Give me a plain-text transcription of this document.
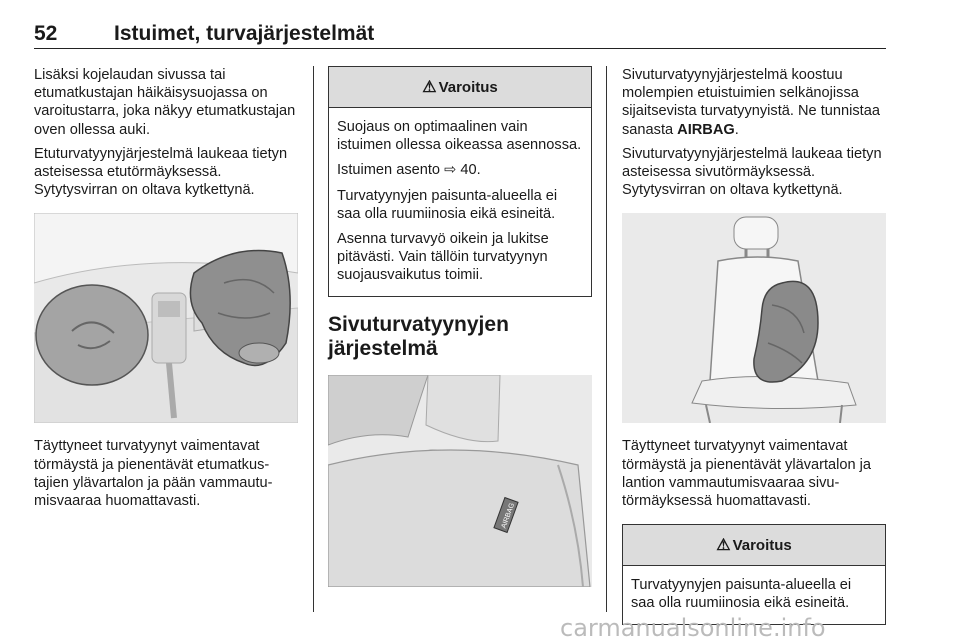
52	Istuimet, turvajärjestelmät

Lisäksi kojelaudan sivussa tai etumatkustajan häikäisysuojassa on varoitustarra, joka näkyy etumatkustajan oven ollessa auki.

Etuturvatyynyjärjestelmä laukeaa tietyn asteisessa etutörmäyksessä. Sytytysvirran on oltava kytkettynä.

Täyttyneet turvatyynyt vaimentavat törmäystä ja pienentävät etumatkustajien ylävartalon ja pään vammautumisvaaraa huomattavasti.

⚠ Varoitus

Suojaus on optimaalinen vain istuimen ollessa oikeassa asennossa.

Istuimen asento ⇨ 40.

Turvatyynyjen paisunta-alueella ei saa olla ruumiinosia eikä esineitä.

Asenna turvavyö oikein ja lukitse pitävästi. Vain tällöin turvatyynyn suojausvaikutus toimii.

Sivuturvatyynyjen järjestelmä
AIRBAG

Sivuturvatyynyjärjestelmä koostuu molempien etuistuimien selkänojissa sijaitsevista turvatyynyistä. Ne tunnistaa sanasta AIRBAG.

Sivuturvatyynyjärjestelmä laukeaa tietyn asteisessa sivutörmäyksessä. Sytytysvirran on oltava kytkettynä.

Täyttyneet turvatyynyt vaimentavat törmäystä ja pienentävät ylävartalon ja lantion vammautumisvaaraa sivutörmäyksessä huomattavasti.

⚠ Varoitus

Turvatyynyjen paisunta-alueella ei saa olla ruumiinosia eikä esineitä.

carmanualsonline.info
